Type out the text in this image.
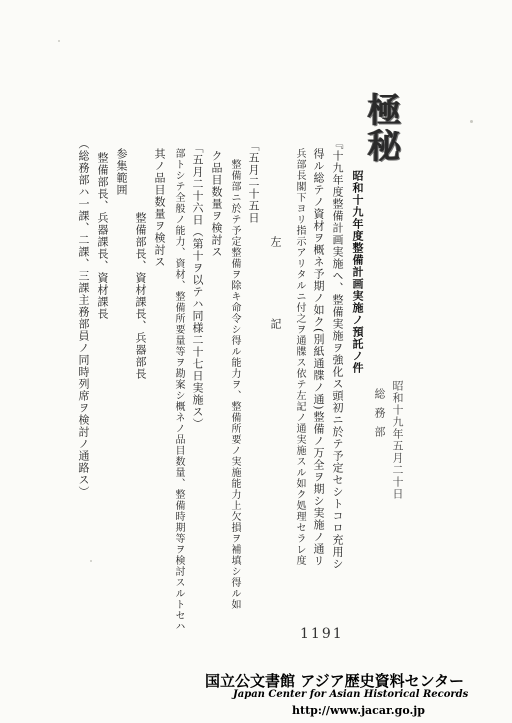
極秘
昭和十九年五月二十日
総務部
昭和十九年度整備計画実施ノ預託ノ件
『十九年度整備計画実施ヘ、整備実施ヲ強化ス頭初ニ於テ予定セシトコロ充用シ
得ル総テノ資材ヲ概ネ予期ノ如ク(別紙通牒ノ通)整備ノ万全ヲ期シ実施ノ通リ
兵部長閣下ヨリ指示アリタルニ付之ヲ通牒ス依テ左記ノ通実施スル如ク処理セラレ度
左　記
「五月二十五日
　整備部ニ於テ予定整備ヲ除キ命令シ得ル能力ヲ、整備所要ノ実施能力上欠損ヲ補填シ得ル如
ク品目数量ヲ検討ス
「五月二十六日（第十ヲ以テハ同様二十七日実施ス）
部トシテ全般ノ能力、資材、整備所要量等ヲ勘案シ概ネノ品目数量、整備時期等ヲ検討スルトセハ
其ノ品目数量ヲ検討ス
　整備部長、資材課長、兵器部長
参集範囲
整備部長、兵器課長、資材課長
（総務部ハ一課、二課、三課主務部員ノ同時列席ヲ検討ノ通路ス）
1191
国立公文書館 アジア歴史資料センター
Japan Center for Asian Historical Records
http://www.jacar.go.jp
